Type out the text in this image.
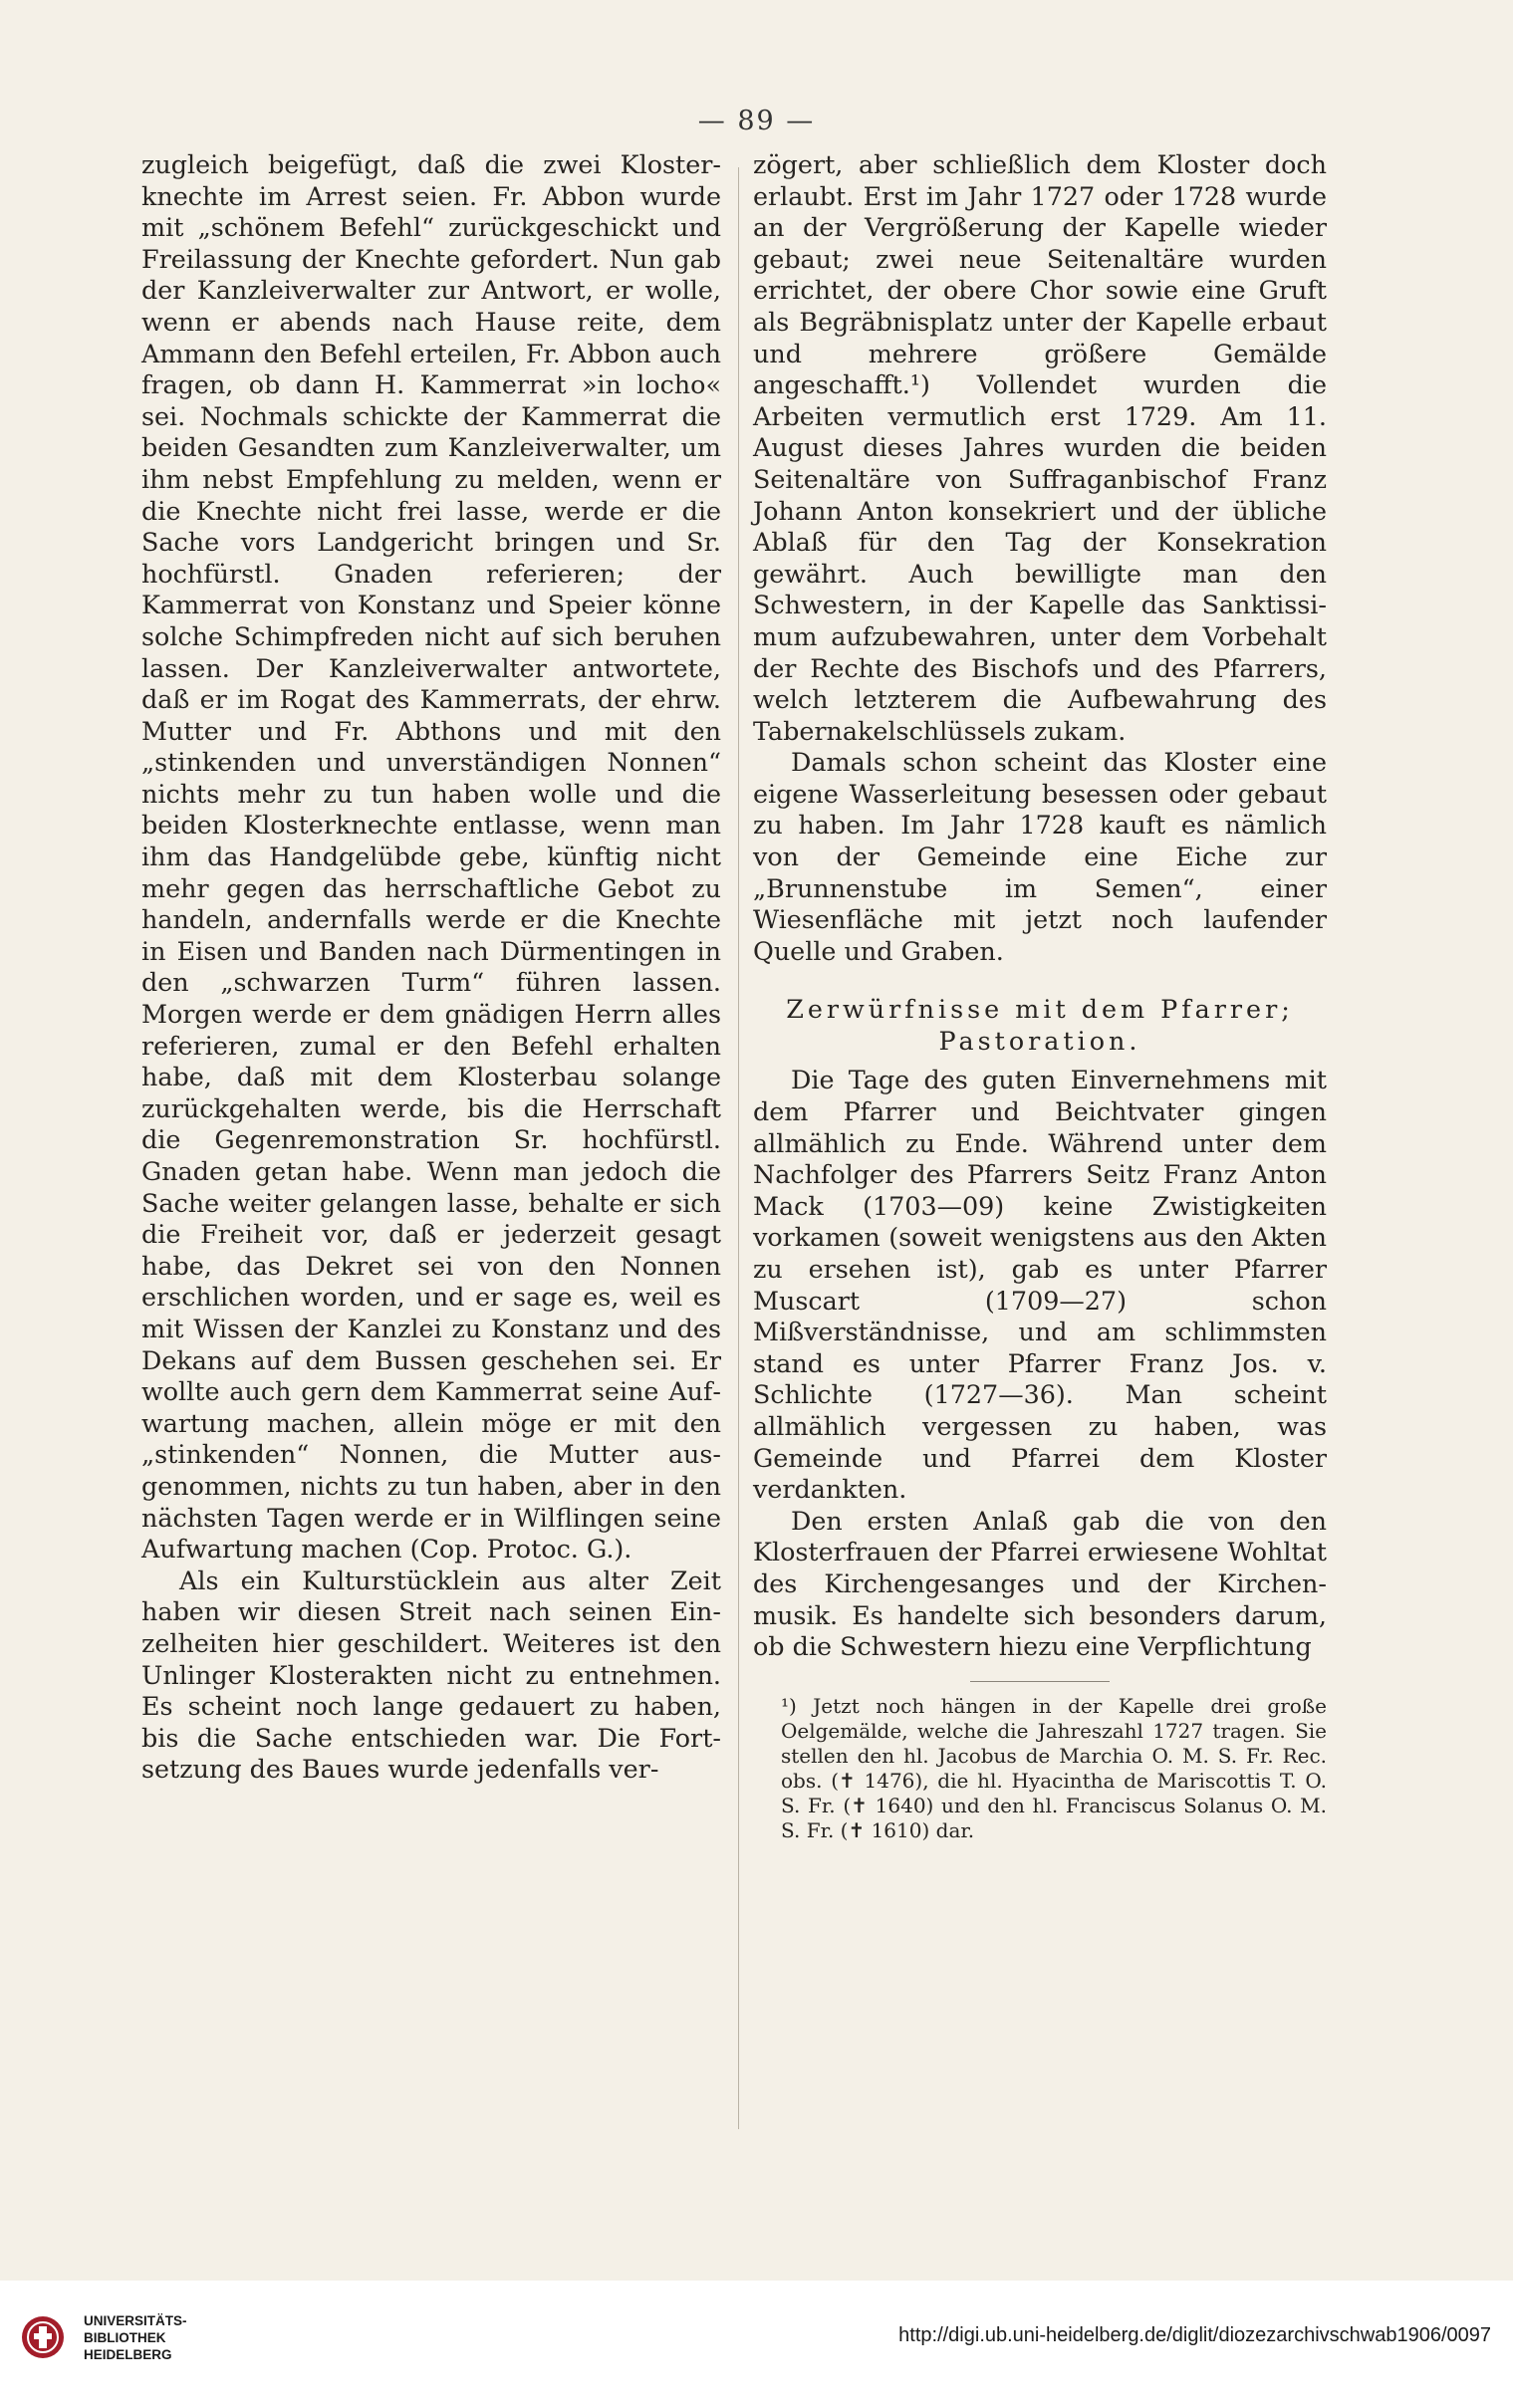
— 89 —

zugleich beigefügt, daß die zwei Klosterknechte im Arrest seien. Fr. Abbon wurde mit „schönem Befehl“ zurückgeschickt und Freilassung der Knechte gefordert. Nun gab der Kanzleiverwalter zur Antwort, er wolle, wenn er abends nach Hause reite, dem Ammann den Befehl erteilen, Fr. Abbon auch fragen, ob dann H. Kammerrat »in locho« sei. Nochmals schickte der Kammerrat die beiden Gesandten zum Kanzleiverwalter, um ihm nebst Empfehlung zu melden, wenn er die Knechte nicht frei lasse, werde er die Sache vors Landgericht bringen und Sr. hochfürstl. Gnaden referieren; der Kammerrat von Konstanz und Speier könne solche Schimpfreden nicht auf sich beruhen lassen. Der Kanzleiverwalter antwortete, daß er im Rogat des Kammerrats, der ehrw. Mutter und Fr. Abthons und mit den „stinkenden und unverständigen Nonnen“ nichts mehr zu tun haben wolle und die beiden Klosterknechte entlasse, wenn man ihm das Handgelübde gebe, künftig nicht mehr gegen das herrschaftliche Gebot zu handeln, andernfalls werde er die Knechte in Eisen und Banden nach Dürmentingen in den „schwarzen Turm“ führen lassen. Morgen werde er dem gnädigen Herrn alles referieren, zumal er den Befehl erhalten habe, daß mit dem Klosterbau solange zurückgehalten werde, bis die Herrschaft die Gegenremonstration Sr. hochfürstl. Gnaden getan habe. Wenn man jedoch die Sache weiter gelangen lasse, behalte er sich die Freiheit vor, daß er jederzeit gesagt habe, das Dekret sei von den Nonnen erschlichen worden, und er sage es, weil es mit Wissen der Kanzlei zu Konstanz und des Dekans auf dem Bussen geschehen sei. Er wollte auch gern dem Kammerrat seine Aufwartung machen, allein möge er mit den „stinkenden“ Nonnen, die Mutter ausgenommen, nichts zu tun haben, aber in den nächsten Tagen werde er in Wilflingen seine Aufwartung machen (Cop. Protoc. G.).

Als ein Kulturstücklein aus alter Zeit haben wir diesen Streit nach seinen Einzelheiten hier geschildert. Weiteres ist den Unlinger Klosterakten nicht zu entnehmen. Es scheint noch lange gedauert zu haben, bis die Sache entschieden war. Die Fortsetzung des Baues wurde jedenfalls ver-

zögert, aber schließlich dem Kloster doch erlaubt. Erst im Jahr 1727 oder 1728 wurde an der Vergrößerung der Kapelle wieder gebaut; zwei neue Seitenaltäre wurden errichtet, der obere Chor sowie eine Gruft als Begräbnisplatz unter der Kapelle erbaut und mehrere größere Gemälde angeschafft.¹) Vollendet wurden die Arbeiten vermutlich erst 1729. Am 11. August dieses Jahres wurden die beiden Seitenaltäre von Suffraganbischof Franz Johann Anton konsekriert und der übliche Ablaß für den Tag der Konsekration gewährt. Auch bewilligte man den Schwestern, in der Kapelle das Sanktissimum aufzubewahren, unter dem Vorbehalt der Rechte des Bischofs und des Pfarrers, welch letzterem die Aufbewahrung des Tabernakelschlüssels zukam.

Damals schon scheint das Kloster eine eigene Wasserleitung besessen oder gebaut zu haben. Im Jahr 1728 kauft es nämlich von der Gemeinde eine Eiche zur „Brunnenstube im Semen“, einer Wiesenfläche mit jetzt noch laufender Quelle und Graben.

Zerwürfnisse mit dem Pfarrer; Pastoration.

Die Tage des guten Einvernehmens mit dem Pfarrer und Beichtvater gingen allmählich zu Ende. Während unter dem Nachfolger des Pfarrers Seitz Franz Anton Mack (1703—09) keine Zwistigkeiten vorkamen (soweit wenigstens aus den Akten zu ersehen ist), gab es unter Pfarrer Muscart (1709—27) schon Mißverständnisse, und am schlimmsten stand es unter Pfarrer Franz Jos. v. Schlichte (1727—36). Man scheint allmählich vergessen zu haben, was Gemeinde und Pfarrei dem Kloster verdankten.

Den ersten Anlaß gab die von den Klosterfrauen der Pfarrei erwiesene Wohltat des Kirchengesanges und der Kirchenmusik. Es handelte sich besonders darum, ob die Schwestern hiezu eine Verpflichtung

¹) Jetzt noch hängen in der Kapelle drei große Oelgemälde, welche die Jahreszahl 1727 tragen. Sie stellen den hl. Jacobus de Marchia O. M. S. Fr. Rec. obs. (✝ 1476), die hl. Hyacintha de Mariscottis T. O. S. Fr. (✝ 1640) und den hl. Franciscus Solanus O. M. S. Fr. (✝ 1610) dar.

UNIVERSITÄTS-
BIBLIOTHEK
HEIDELBERG
http://digi.ub.uni-heidelberg.de/diglit/diozezarchivschwab1906/0097
